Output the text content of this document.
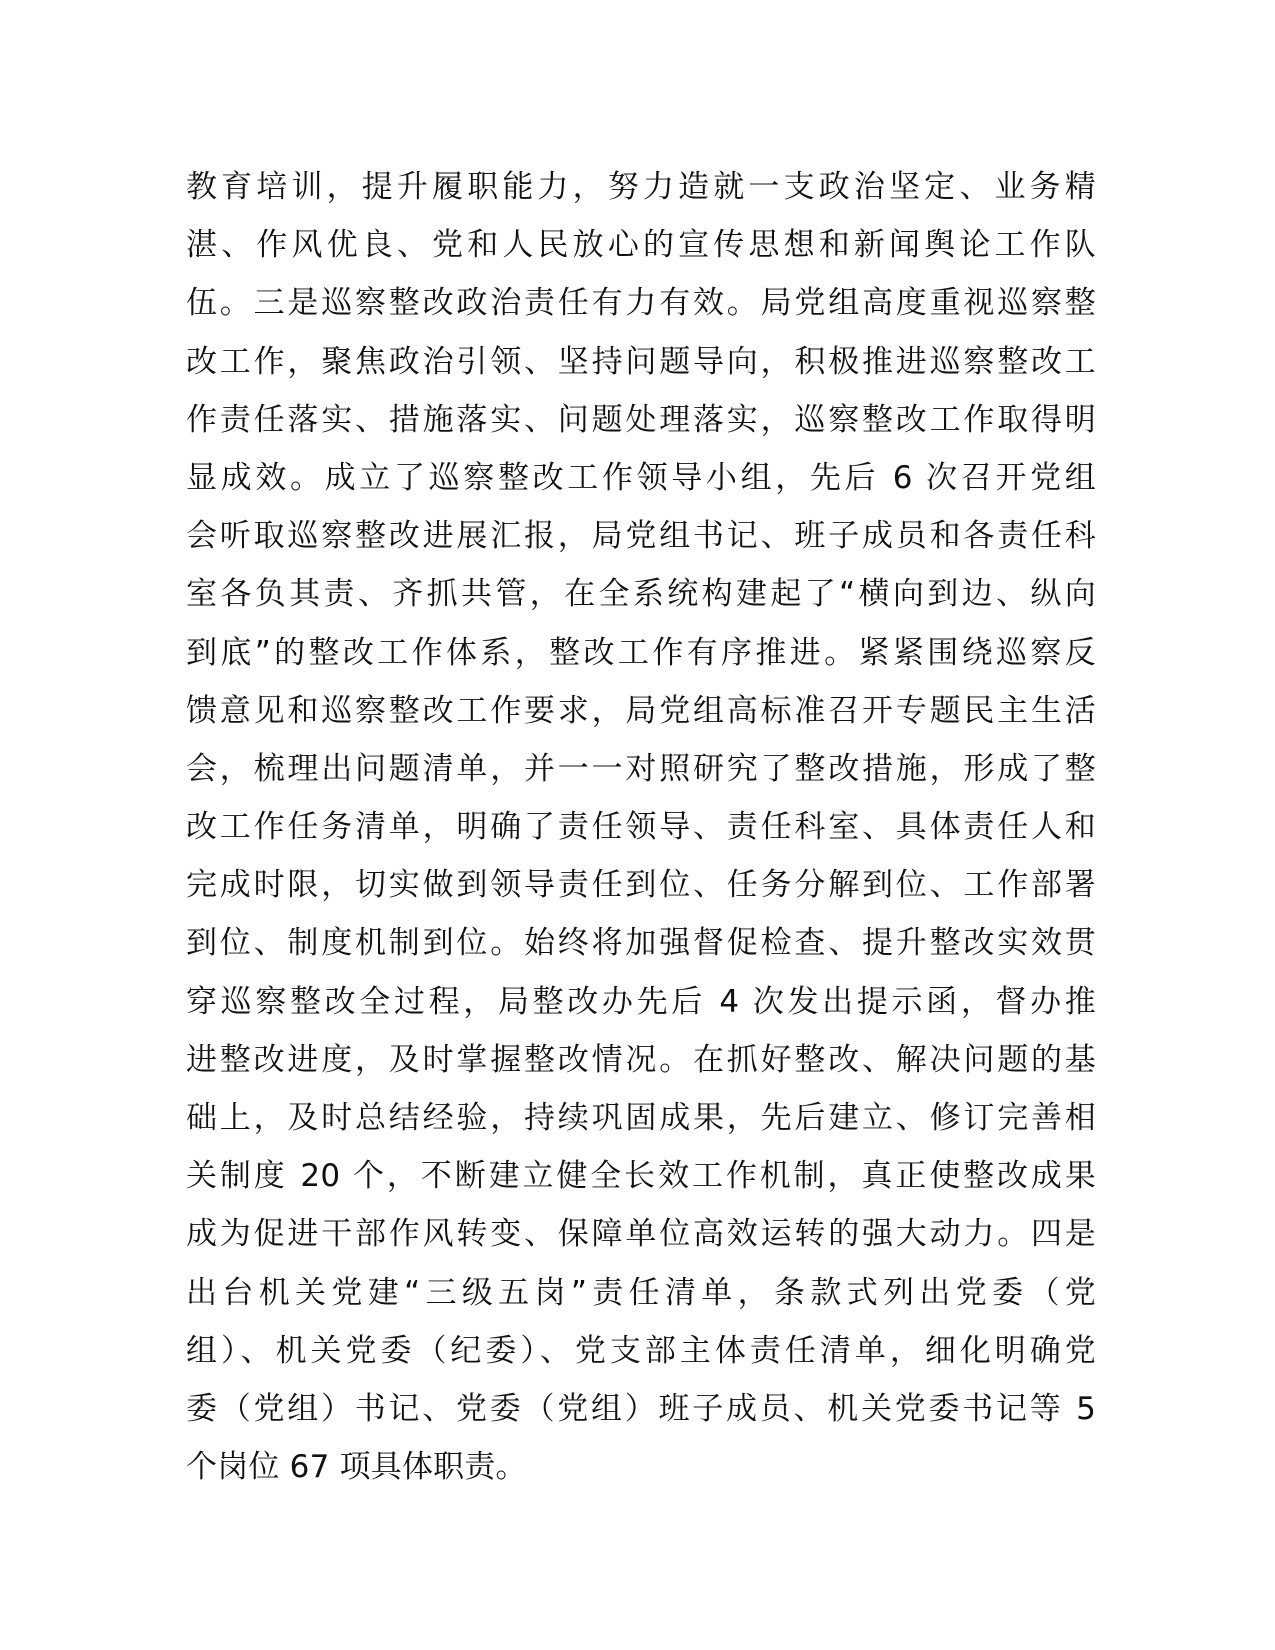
教育培训，提升履职能力，努力造就一支政治坚定、业务精
湛、作风优良、党和人民放心的宣传思想和新闻舆论工作队
伍。三是巡察整改政治责任有力有效。局党组高度重视巡察整
改工作，聚焦政治引领、坚持问题导向，积极推进巡察整改工
作责任落实、措施落实、问题处理落实，巡察整改工作取得明
显成效。成立了巡察整改工作领导小组，先后 6 次召开党组
会听取巡察整改进展汇报，局党组书记、班子成员和各责任科
室各负其责、齐抓共管，在全系统构建起了“横向到边、纵向
到底”的整改工作体系，整改工作有序推进。紧紧围绕巡察反
馈意见和巡察整改工作要求，局党组高标准召开专题民主生活
会，梳理出问题清单，并一一对照研究了整改措施，形成了整
改工作任务清单，明确了责任领导、责任科室、具体责任人和
完成时限，切实做到领导责任到位、任务分解到位、工作部署
到位、制度机制到位。始终将加强督促检查、提升整改实效贯
穿巡察整改全过程，局整改办先后 4 次发出提示函，督办推
进整改进度，及时掌握整改情况。在抓好整改、解决问题的基
础上，及时总结经验，持续巩固成果，先后建立、修订完善相
关制度 20 个，不断建立健全长效工作机制，真正使整改成果
成为促进干部作风转变、保障单位高效运转的强大动力。四是
出台机关党建“三级五岗”责任清单，条款式列出党委（党
组）、机关党委（纪委）、党支部主体责任清单，细化明确党
委（党组）书记、党委（党组）班子成员、机关党委书记等 5
个岗位 67 项具体职责。
